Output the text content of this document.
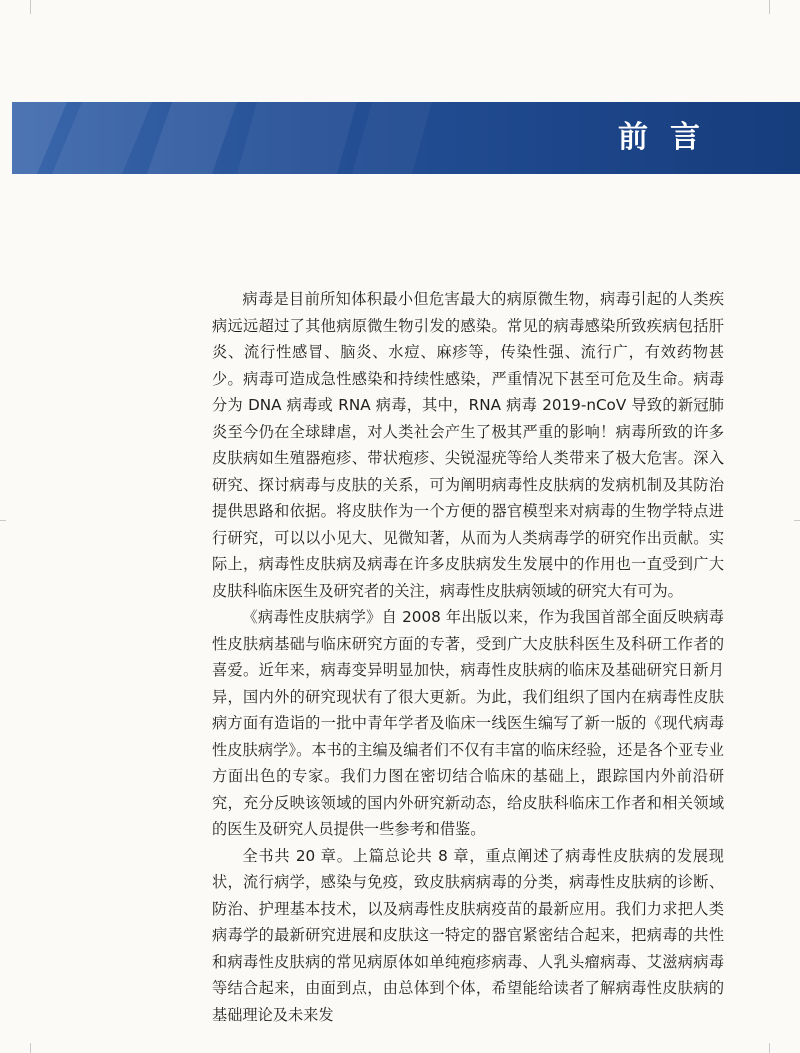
前言

病毒是目前所知体积最小但危害最大的病原微生物，病毒引起的人类疾病远远超过了其他病原微生物引发的感染。常见的病毒感染所致疾病包括肝炎、流行性感冒、脑炎、水痘、麻疹等，传染性强、流行广，有效药物甚少。病毒可造成急性感染和持续性感染，严重情况下甚至可危及生命。病毒分为 DNA 病毒或 RNA 病毒，其中，RNA 病毒 2019-nCoV 导致的新冠肺炎至今仍在全球肆虐，对人类社会产生了极其严重的影响！病毒所致的许多皮肤病如生殖器疱疹、带状疱疹、尖锐湿疣等给人类带来了极大危害。深入研究、探讨病毒与皮肤的关系，可为阐明病毒性皮肤病的发病机制及其防治提供思路和依据。将皮肤作为一个方便的器官模型来对病毒的生物学特点进行研究，可以以小见大、见微知著，从而为人类病毒学的研究作出贡献。实际上，病毒性皮肤病及病毒在许多皮肤病发生发展中的作用也一直受到广大皮肤科临床医生及研究者的关注，病毒性皮肤病领域的研究大有可为。

《病毒性皮肤病学》自 2008 年出版以来，作为我国首部全面反映病毒性皮肤病基础与临床研究方面的专著，受到广大皮肤科医生及科研工作者的喜爱。近年来，病毒变异明显加快，病毒性皮肤病的临床及基础研究日新月异，国内外的研究现状有了很大更新。为此，我们组织了国内在病毒性皮肤病方面有造诣的一批中青年学者及临床一线医生编写了新一版的《现代病毒性皮肤病学》。本书的主编及编者们不仅有丰富的临床经验，还是各个亚专业方面出色的专家。我们力图在密切结合临床的基础上，跟踪国内外前沿研究，充分反映该领域的国内外研究新动态，给皮肤科临床工作者和相关领域的医生及研究人员提供一些参考和借鉴。

全书共 20 章。上篇总论共 8 章，重点阐述了病毒性皮肤病的发展现状，流行病学，感染与免疫，致皮肤病病毒的分类，病毒性皮肤病的诊断、防治、护理基本技术，以及病毒性皮肤病疫苗的最新应用。我们力求把人类病毒学的最新研究进展和皮肤这一特定的器官紧密结合起来，把病毒的共性和病毒性皮肤病的常见病原体如单纯疱疹病毒、人乳头瘤病毒、艾滋病病毒等结合起来，由面到点，由总体到个体，希望能给读者了解病毒性皮肤病的基础理论及未来发
